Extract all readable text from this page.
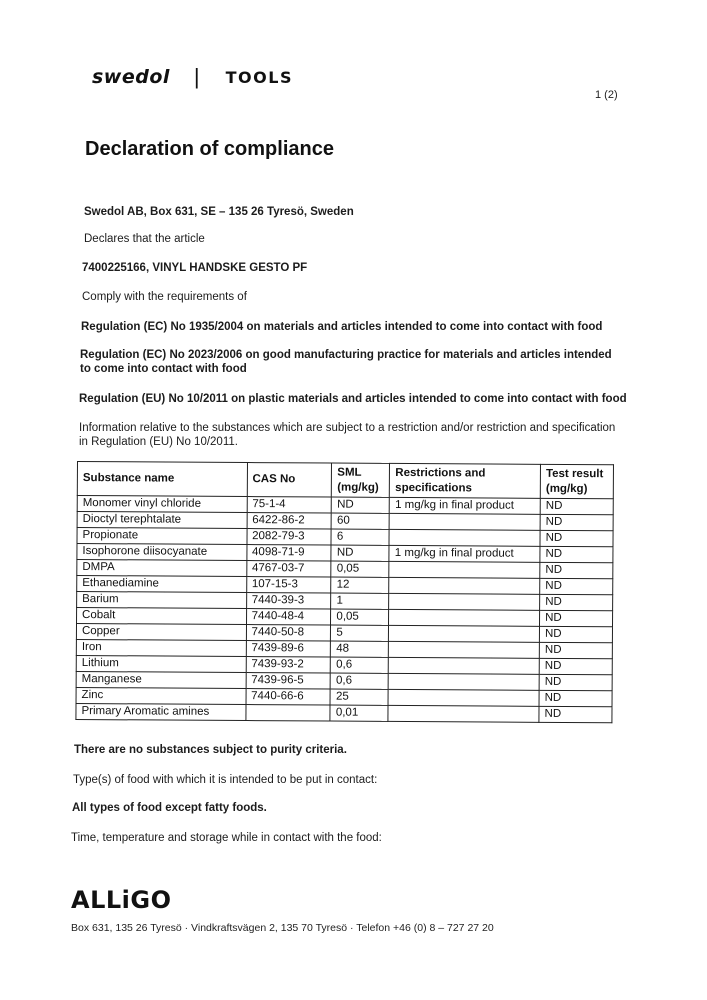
swedol | TOOLS
1 (2)
Declaration of compliance
Swedol AB, Box 631, SE – 135 26 Tyresö, Sweden
Declares that the article
7400225166, VINYL HANDSKE GESTO PF
Comply with the requirements of
Regulation (EC) No 1935/2004 on materials and articles intended to come into contact with food
Regulation (EC) No 2023/2006 on good manufacturing practice for materials and articles intended to come into contact with food
Regulation (EU) No 10/2011 on plastic materials and articles intended to come into contact with food
Information relative to the substances which are subject to a restriction and/or restriction and specification in Regulation (EU) No 10/2011.
Substance name	CAS No	SML (mg/kg)	Restrictions and specifications	Test result (mg/kg)
Monomer vinyl chloride	75-1-4	ND	1 mg/kg in final product	ND
Dioctyl terephtalate	6422-86-2	60		ND
Propionate	2082-79-3	6		ND
Isophorone diisocyanate	4098-71-9	ND	1 mg/kg in final product	ND
DMPA	4767-03-7	0,05		ND
Ethanediamine	107-15-3	12		ND
Barium	7440-39-3	1		ND
Cobalt	7440-48-4	0,05		ND
Copper	7440-50-8	5		ND
Iron	7439-89-6	48		ND
Lithium	7439-93-2	0,6		ND
Manganese	7439-96-5	0,6		ND
Zinc	7440-66-6	25		ND
Primary Aromatic amines		0,01		ND
There are no substances subject to purity criteria.
Type(s) of food with which it is intended to be put in contact:
All types of food except fatty foods.
Time, temperature and storage while in contact with the food:
ALLiGO
Box 631, 135 26 Tyresö · Vindkraftsvägen 2, 135 70 Tyresö · Telefon +46 (0) 8 – 727 27 20
